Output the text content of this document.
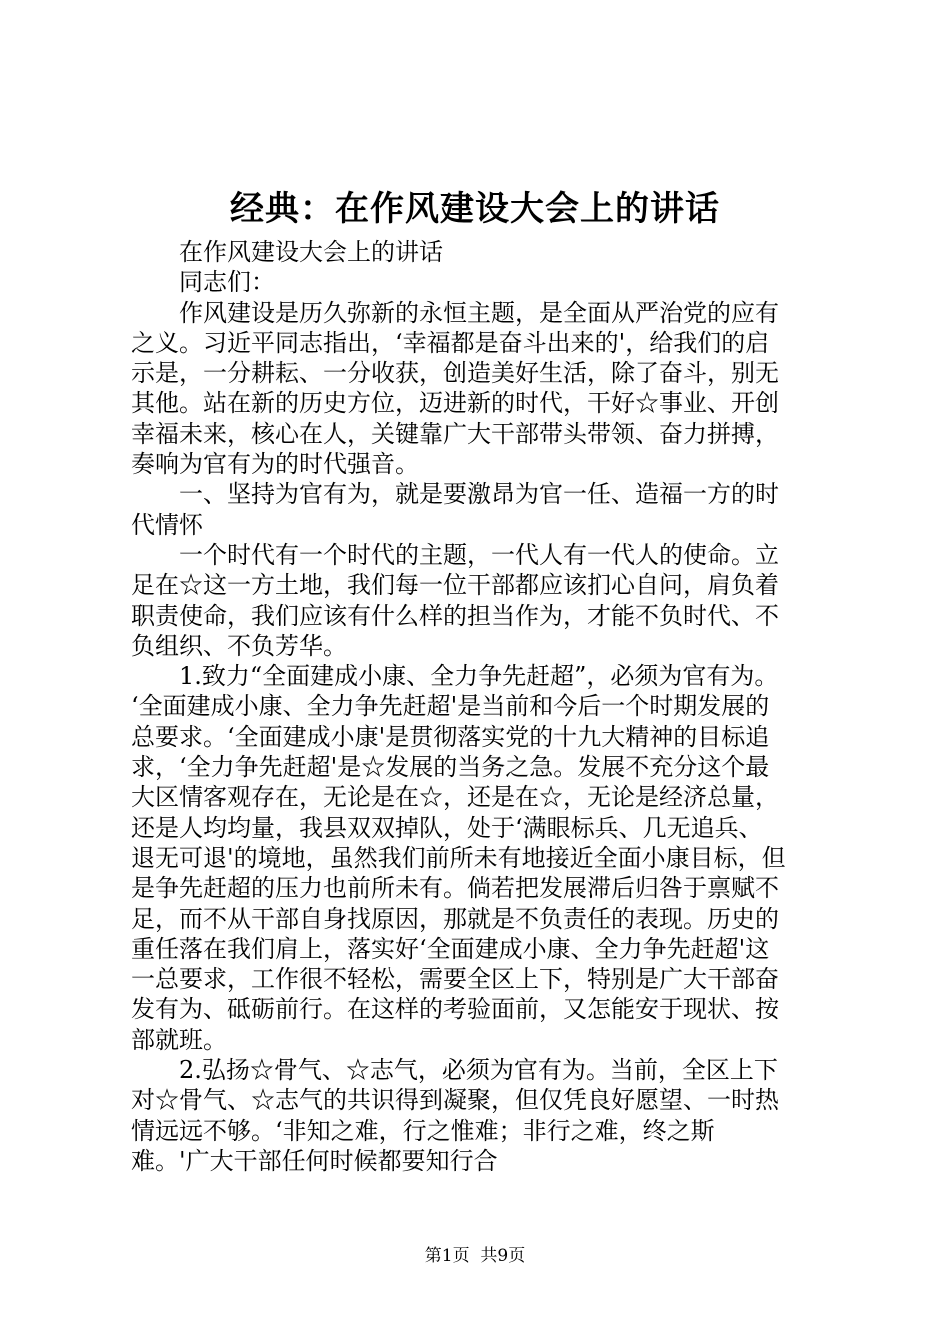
经典：在作风建设大会上的讲话
在作风建设大会上的讲话
同志们：
作风建设是历久弥新的永恒主题，是全面从严治党的应有
之义。习近平同志指出，‘幸福都是奋斗出来的'，给我们的启
示是，一分耕耘、一分收获，创造美好生活，除了奋斗，别无
其他。站在新的历史方位，迈进新的时代，干好☆事业、开创
幸福未来，核心在人，关键靠广大干部带头带领、奋力拼搏，
奏响为官有为的时代强音。
一、坚持为官有为，就是要激昂为官一任、造福一方的时
代情怀
一个时代有一个时代的主题，一代人有一代人的使命。立
足在☆这一方土地，我们每一位干部都应该扪心自问，肩负着
职责使命，我们应该有什么样的担当作为，才能不负时代、不
负组织、不负芳华。
1.致力“全面建成小康、全力争先赶超”，必须为官有为。
‘全面建成小康、全力争先赶超'是当前和今后一个时期发展的
总要求。‘全面建成小康'是贯彻落实党的十九大精神的目标追
求，‘全力争先赶超'是☆发展的当务之急。发展不充分这个最
大区情客观存在，无论是在☆，还是在☆，无论是经济总量，
还是人均均量，我县双双掉队，处于‘满眼标兵、几无追兵、
退无可退'的境地，虽然我们前所未有地接近全面小康目标，但
是争先赶超的压力也前所未有。倘若把发展滞后归咎于禀赋不
足，而不从干部自身找原因，那就是不负责任的表现。历史的
重任落在我们肩上，落实好‘全面建成小康、全力争先赶超'这
一总要求，工作很不轻松，需要全区上下，特别是广大干部奋
发有为、砥砺前行。在这样的考验面前，又怎能安于现状、按
部就班。
2.弘扬☆骨气、☆志气，必须为官有为。当前，全区上下
对☆骨气、☆志气的共识得到凝聚，但仅凭良好愿望、一时热
情远远不够。‘非知之难，行之惟难；非行之难，终之斯
难。'广大干部任何时候都要知行合
第1页  共9页
